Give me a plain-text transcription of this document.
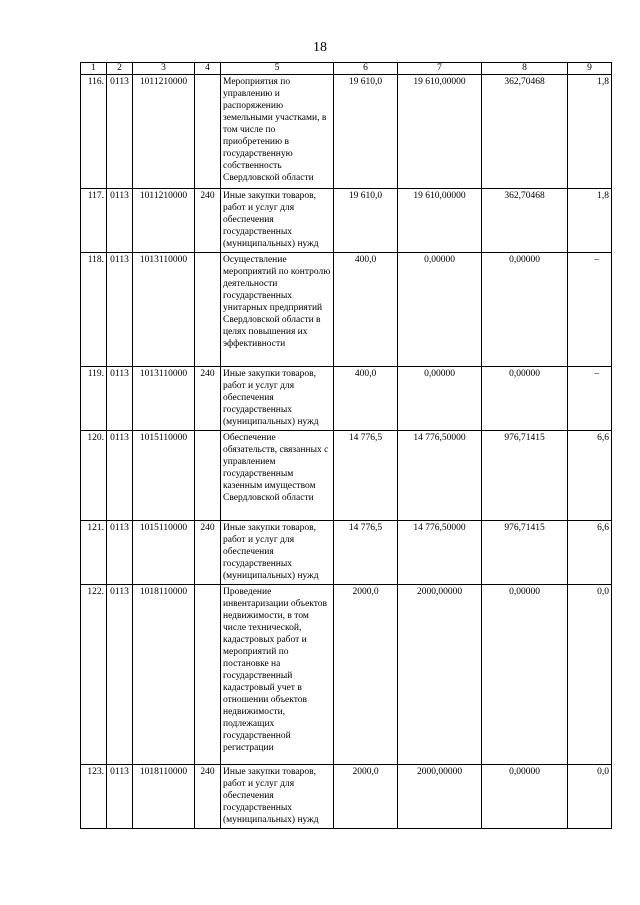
18
1	2	3	4	5	6	7	8	9
116.	0113	1011210000		Мероприятия по управлению и распоряжению земельными участками, в том числе по приобретению в государственную собственность Свердловской области	19 610,0	19 610,00000	362,70468	1,8
117.	0113	1011210000	240	Иные закупки товаров, работ и услуг для обеспечения государственных (муниципальных) нужд	19 610,0	19 610,00000	362,70468	1,8
118.	0113	1013110000		Осуществление мероприятий по контролю деятельности государственных унитарных предприятий Свердловской области в целях повышения их эффективности	400,0	0,00000	0,00000	–
119.	0113	1013110000	240	Иные закупки товаров, работ и услуг для обеспечения государственных (муниципальных) нужд	400,0	0,00000	0,00000	–
120.	0113	1015110000		Обеспечение обязательств, связанных с управлением государственным казенным имуществом Свердловской области	14 776,5	14 776,50000	976,71415	6,6
121.	0113	1015110000	240	Иные закупки товаров, работ и услуг для обеспечения государственных (муниципальных) нужд	14 776,5	14 776,50000	976,71415	6,6
122.	0113	1018110000		Проведение инвентаризации объектов недвижимости, в том числе технической, кадастровых работ и мероприятий по постановке на государственный кадастровый учет в отношении объектов недвижимости, подлежащих государственной регистрации	2000,0	2000,00000	0,00000	0,0
123.	0113	1018110000	240	Иные закупки товаров, работ и услуг для обеспечения государственных (муниципальных) нужд	2000,0	2000,00000	0,00000	0,0
